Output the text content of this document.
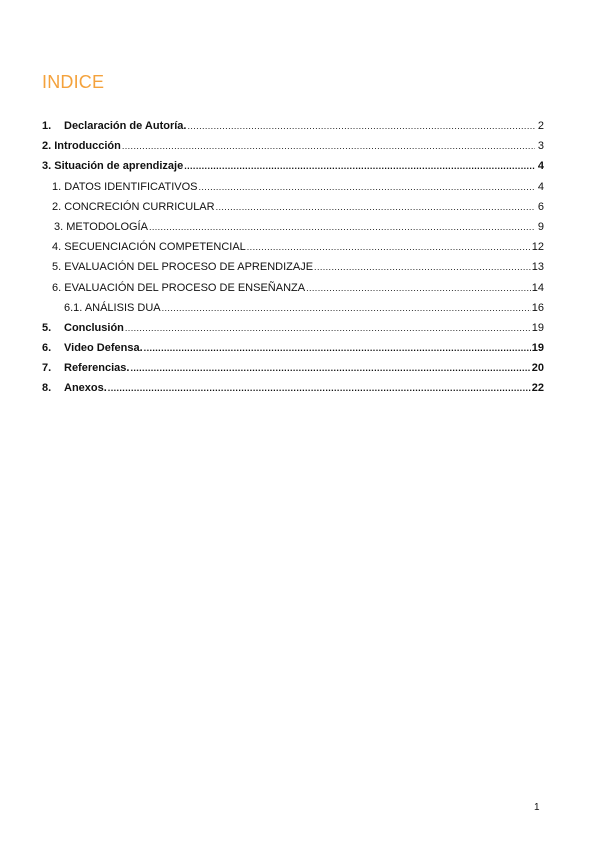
INDICE
1. Declaración de Autoría. .....	2
2. Introducción .....	3
3. Situación de aprendizaje .....	4
1. DATOS IDENTIFICATIVOS .....	4
2. CONCRECIÓN CURRICULAR .....	6
3. METODOLOGÍA .....	9
4. SECUENCIACIÓN COMPETENCIAL .....	12
5. EVALUACIÓN DEL PROCESO DE APRENDIZAJE .....	13
6. EVALUACIÓN DEL PROCESO DE ENSEÑANZA .....	14
6.1. ANÁLISIS DUA .....	16
5. Conclusión .....	19
6. Video Defensa. .....	19
7. Referencias. .....	20
8. Anexos. .....	22
1
